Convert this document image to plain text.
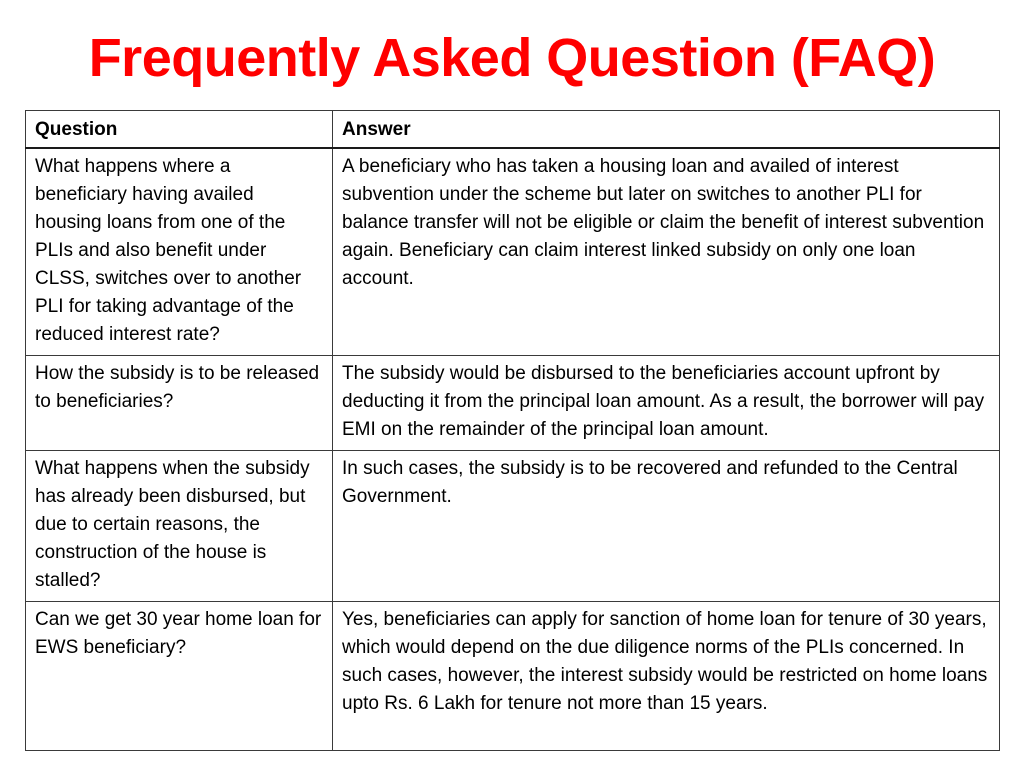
Frequently Asked Question (FAQ)
Question	Answer
What happens where a beneficiary having availed housing loans from one of the PLIs and also benefit under CLSS, switches over to another PLI for taking advantage of the reduced interest rate?	A beneficiary who has taken a housing loan and availed of interest subvention under the scheme but later on switches to another PLI for balance transfer will not be eligible or claim the benefit of interest subvention again. Beneficiary can claim interest linked subsidy on only one loan account.
How the subsidy is to be released to beneficiaries?	The subsidy would be disbursed to the beneficiaries account upfront by deducting it from the principal loan amount. As a result, the borrower will pay EMI on the remainder of the principal loan amount.
What happens when the subsidy has already been disbursed, but due to certain reasons, the construction of the house is stalled?	In such cases, the subsidy is to be recovered and refunded to the Central Government.
Can we get 30 year home loan for EWS beneficiary?	Yes, beneficiaries can apply for sanction of home loan for tenure of 30 years, which would depend on the due diligence norms of the PLIs concerned. In such cases, however, the interest subsidy would be restricted on home loans upto Rs. 6 Lakh for tenure not more than 15 years.
